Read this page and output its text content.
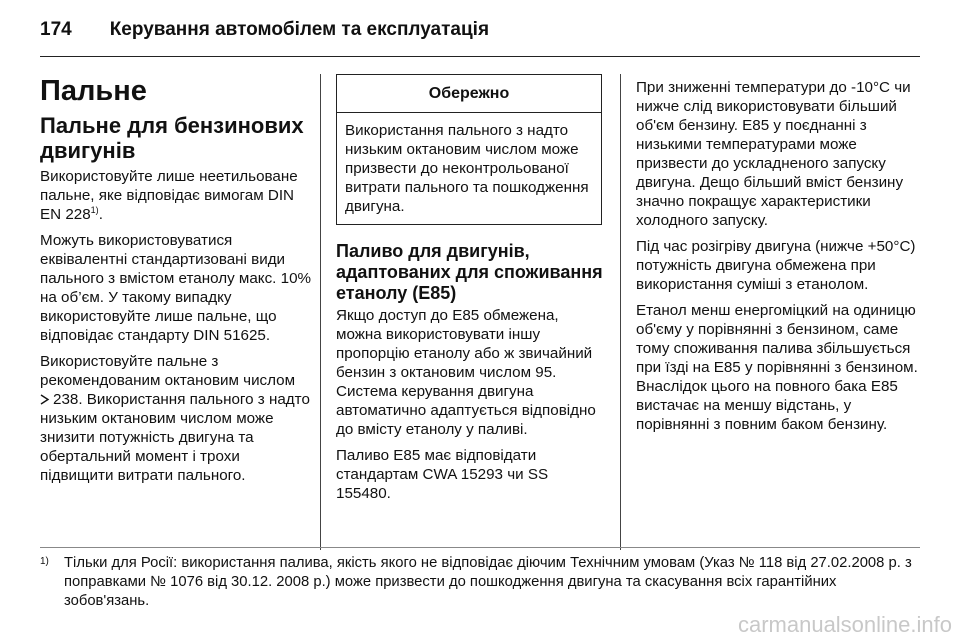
174 Керування автомобілем та експлуатація
Пальне
Пальне для бензинових двигунів

Використовуйте лише неетильоване пальне, яке відповідає вимогам DIN EN 228$^{1)}$.

Можуть використовуватися еквівалентні стандартизовані види пального з вмістом етанолу макс. 10% на об’єм. У такому випадку використовуйте лише пальне, що відповідає стандарту DIN 51625.

Використовуйте пальне з рекомендованим октановим числом 238. Використання пального з надто низьким октановим числом може знизити потужність двигуна та обертальний момент і трохи підвищити витрати пального.

Обережно
Використання пального з надто низьким октановим числом може призвести до неконтрольованої витрати пального та пошкодження двигуна.
Паливо для двигунів, адаптованих для споживання етанолу (E85)

Якщо доступ до E85 обмежена, можна використовувати іншу пропорцію етанолу або ж звичайний бензин з октановим числом 95. Система керування двигуна автоматично адаптується відповідно до вмісту етанолу у паливі.

Паливо E85 має відповідати стандартам CWA 15293 чи SS 155480.

При зниженні температури до -10°C чи нижче слід використовувати більший об'єм бензину. E85 у поєднанні з низькими температурами може призвести до ускладненого запуску двигуна. Дещо більший вміст бензину значно покращує характеристики холодного запуску.

Під час розігріву двигуна (нижче +50°C) потужність двигуна обмежена при використання суміші з етанолом.

Етанол менш енергоміцкий на одиницю об'єму у порівнянні з бензином, саме тому споживання палива збільшується при їзді на E85 у порівнянні з бензином. Внаслідок цього на повного бака E85 вистачає на меншу відстань, у порівнянні з повним баком бензину.

1) Тільки для Росії: використання палива, якість якого не відповідає діючим Технічним умовам (Указ № 118 від 27.02.2008 р. з поправками № 1076 від 30.12. 2008 р.) може призвести до пошкодження двигуна та скасування всіх гарантійних зобов'язань.
carmanualsonline.info
